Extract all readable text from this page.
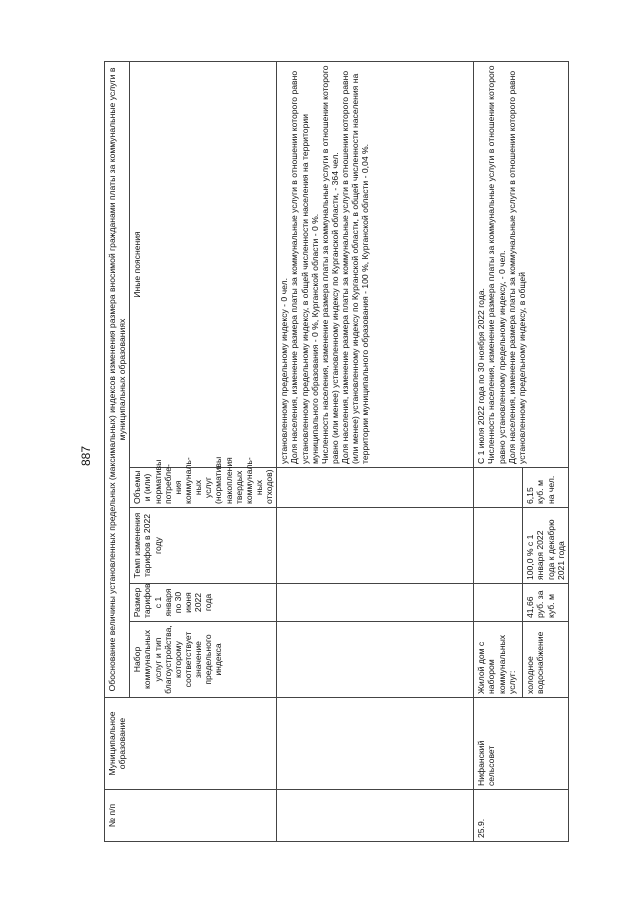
887
№ п/п	Муниципальное образование	Обоснование величины установленных предельных (максимальных) индексов изменения размера вносимой гражданами платы за коммунальные услуги в муниципальных образованиях				
		Набор коммунальных услуг и тип благоустройства, которому соответствует значение предельного индекса	Размер тарифов с 1 января по 30 июня 2022 года	Темп изменения тарифов в 2022 году	Объемы и (или) нормативы потребле-ния коммуналь-ных услуг (нормативы накопления твердых коммуналь-ных отходов)	Иные пояснения
						установленному предельному индексу - 0 чел.
Доля населения, изменение размера платы за коммунальные услуги в отношении которого равно установленному предельному индексу, в общей численности населения на территории муниципального образования - 0 %, Курганской области - 0 %.
Численность населения, изменение размера платы за коммунальные услуги в отношении которого равно (или менее) установленному индексу по Курганской области, - 364 чел.
Доля населения, изменение размера платы за коммунальные услуги в отношении которого равно (или менее) установленному индексу по Курганской области, в общей численности населения на территории муниципального образования - 100 %, Курганской области - 0,04 %.
25.9.	Нифанский сельсовет	Жилой дом с набором коммунальных услуг:				С 1 июля 2022 года по 30 ноября 2022 года.
Численность населения, изменение размера платы за коммунальные услуги в отношении которого равно установленному предельному индексу, - 0 чел.
Доля населения, изменение размера платы за коммунальные услуги в отношении которого равно установленному предельному индексу, в общей
		холодное водоснабжение	41,66 руб. за куб. м	100,0 % с 1 января 2022 года к декабрю 2021 года	6,15 куб. м на чел.	
